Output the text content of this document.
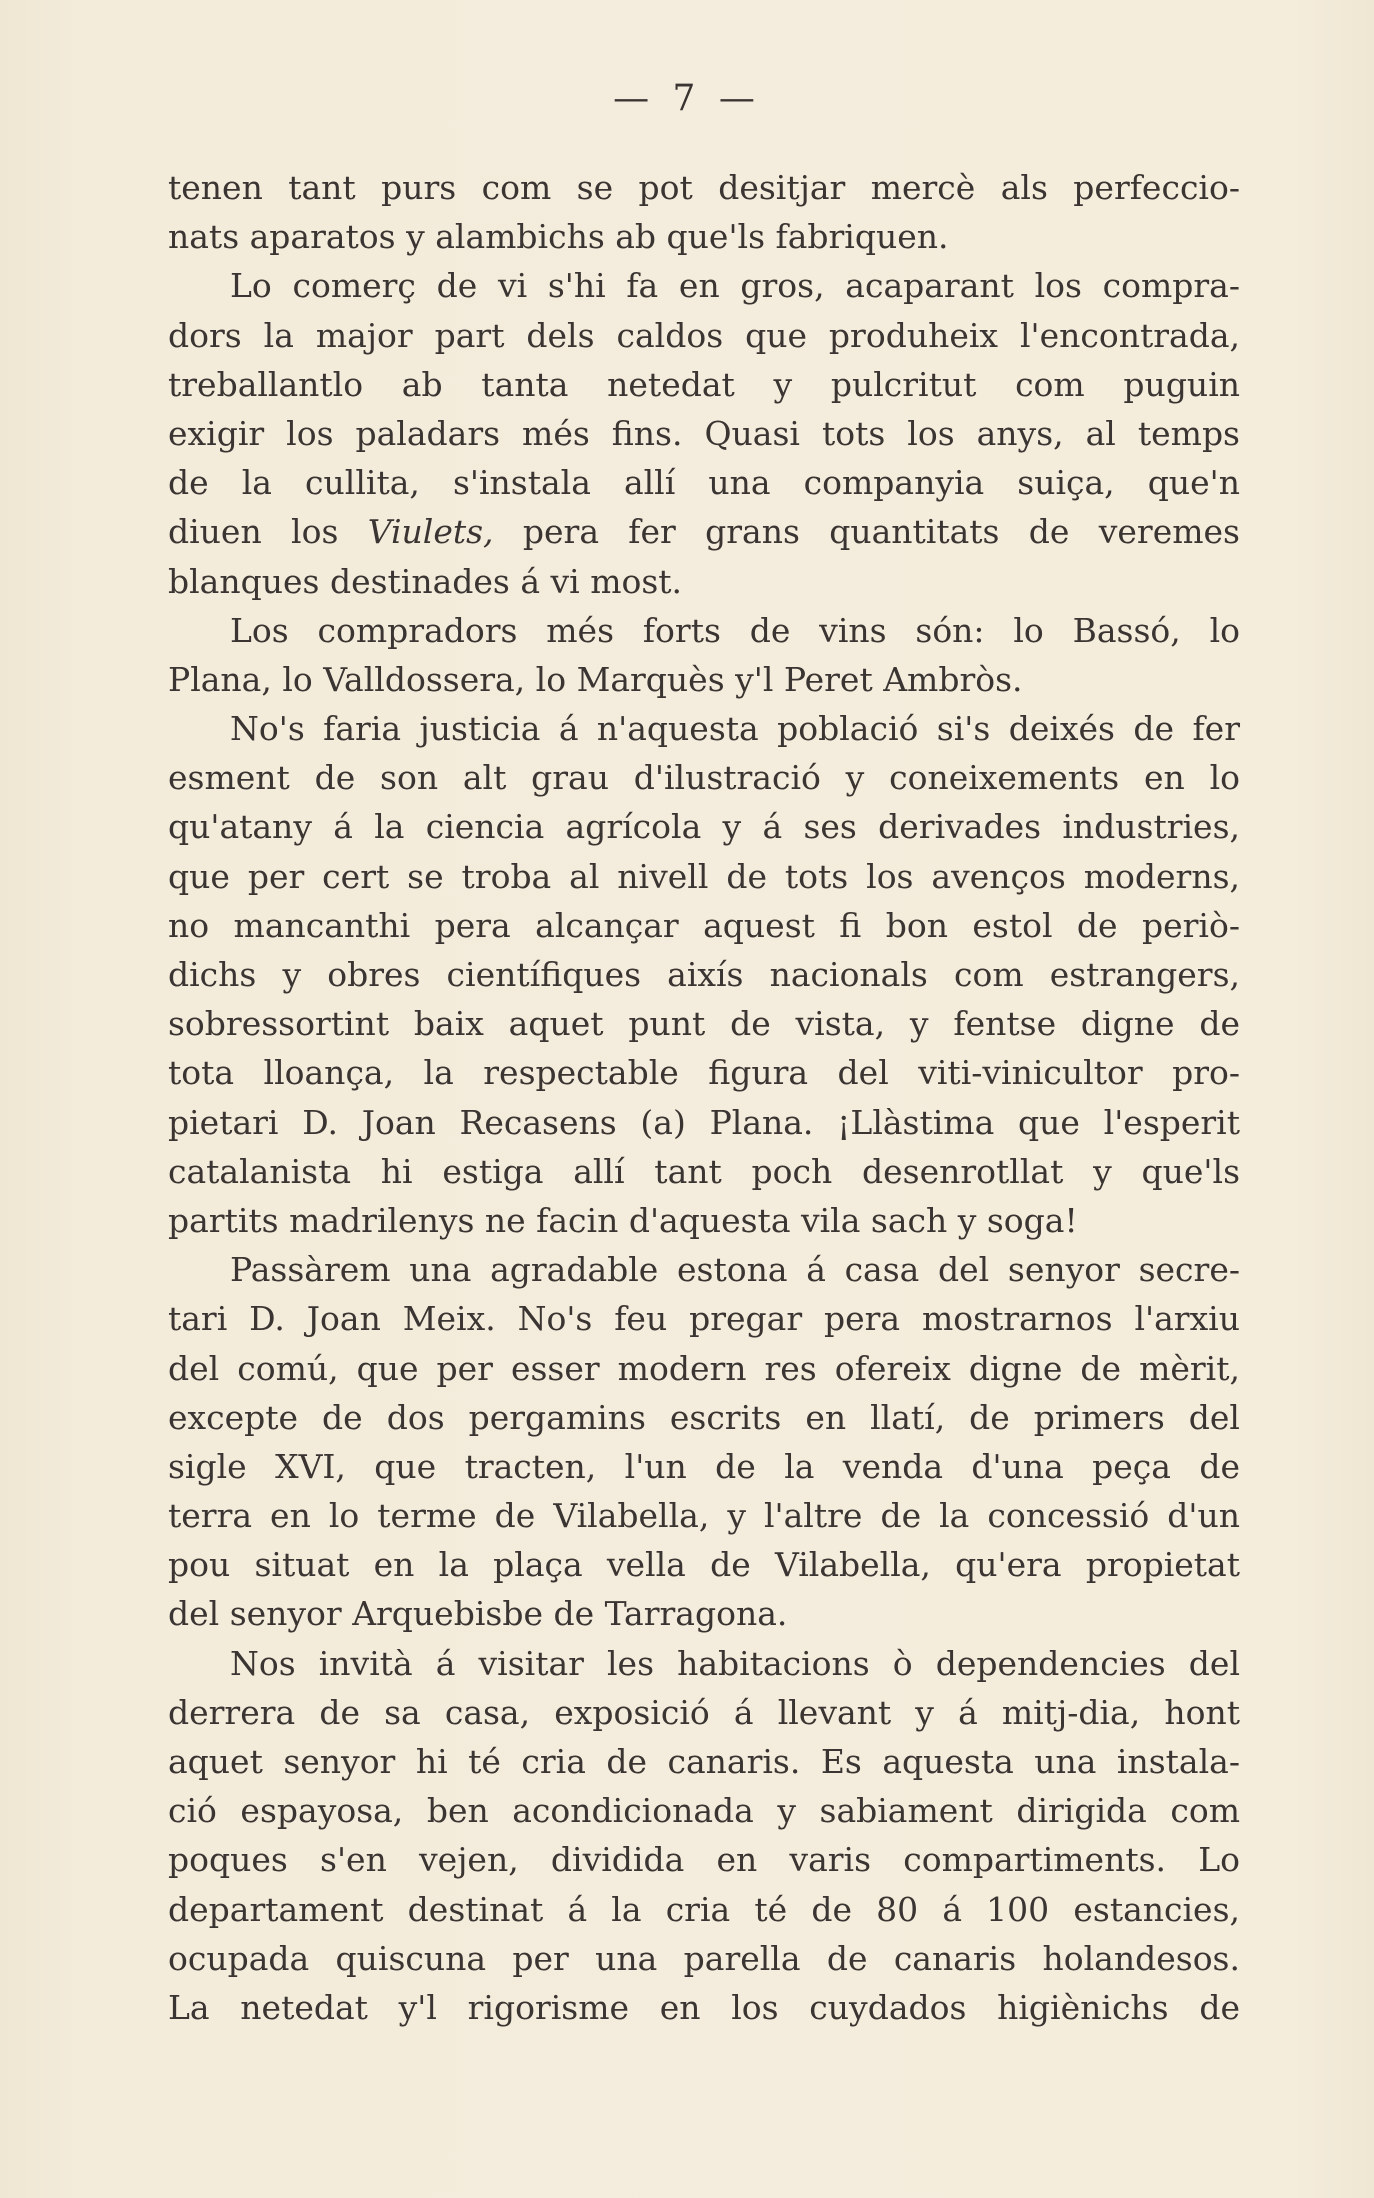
— 7 —
tenen tant purs com se pot desitjar mercè als perfeccio-
nats aparatos y alambichs ab que'ls fabriquen.
Lo comerç de vi s'hi fa en gros, acaparant los compra-
dors la major part dels caldos que produheix l'encontrada,
treballantlo ab tanta netedat y pulcritut com puguin
exigir los paladars més fins. Quasi tots los anys, al temps
de la cullita, s'instala allí una companyia suiça, que'n
diuen los Viulets, pera fer grans quantitats de veremes
blanques destinades á vi most.
Los compradors més forts de vins són: lo Bassó, lo
Plana, lo Valldossera, lo Marquès y'l Peret Ambròs.
No's faria justicia á n'aquesta població si's deixés de fer
esment de son alt grau d'ilustració y coneixements en lo
qu'atany á la ciencia agrícola y á ses derivades industries,
que per cert se troba al nivell de tots los avenços moderns,
no mancanthi pera alcançar aquest fi bon estol de periò-
dichs y obres científiques aixís nacionals com estrangers,
sobressortint baix aquet punt de vista, y fentse digne de
tota lloança, la respectable figura del viti-vinicultor pro-
pietari D. Joan Recasens (a) Plana. ¡Llàstima que l'esperit
catalanista hi estiga allí tant poch desenrotllat y que'ls
partits madrilenys ne facin d'aquesta vila sach y soga!
Passàrem una agradable estona á casa del senyor secre-
tari D. Joan Meix. No's feu pregar pera mostrarnos l'arxiu
del comú, que per esser modern res ofereix digne de mèrit,
excepte de dos pergamins escrits en llatí, de primers del
sigle XVI, que tracten, l'un de la venda d'una peça de
terra en lo terme de Vilabella, y l'altre de la concessió d'un
pou situat en la plaça vella de Vilabella, qu'era propietat
del senyor Arquebisbe de Tarragona.
Nos invità á visitar les habitacions ò dependencies del
derrera de sa casa, exposició á llevant y á mitj-dia, hont
aquet senyor hi té cria de canaris. Es aquesta una instala-
ció espayosa, ben acondicionada y sabiament dirigida com
poques s'en vejen, dividida en varis compartiments. Lo
departament destinat á la cria té de 80 á 100 estancies,
ocupada quiscuna per una parella de canaris holandesos.
La netedat y'l rigorisme en los cuydados higiènichs de
